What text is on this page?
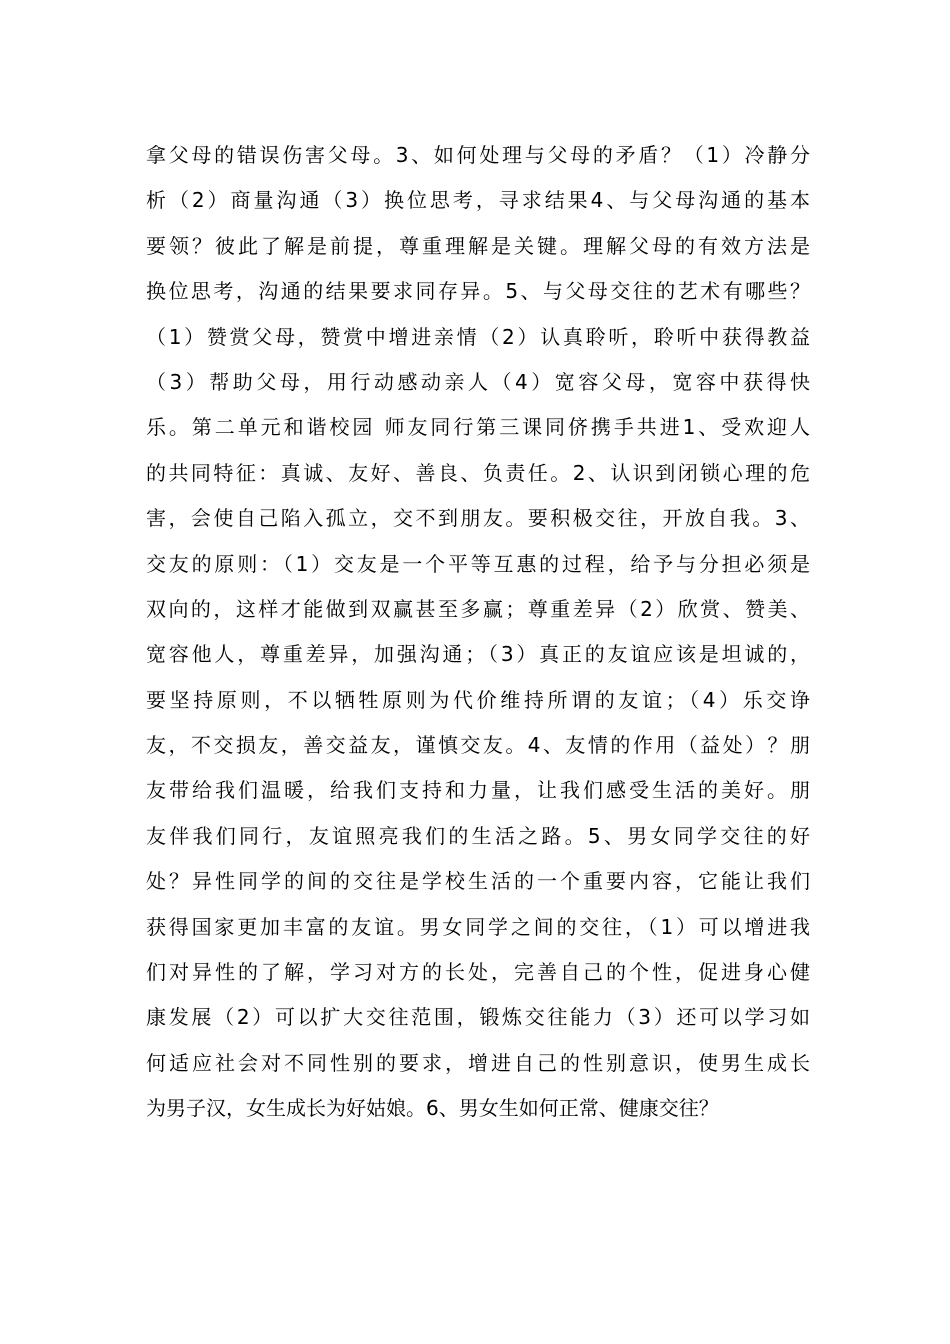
拿父母的错误伤害父母。3、如何处理与父母的矛盾？（1）冷静分
析（2）商量沟通（3）换位思考，寻求结果4、与父母沟通的基本
要领？彼此了解是前提，尊重理解是关键。理解父母的有效方法是
换位思考，沟通的结果要求同存异。5、与父母交往的艺术有哪些？
（1）赞赏父母，赞赏中增进亲情（2）认真聆听，聆听中获得教益
（3）帮助父母，用行动感动亲人（4）宽容父母，宽容中获得快
乐。第二单元和谐校园 师友同行第三课同侪携手共进1、受欢迎人
的共同特征：真诚、友好、善良、负责任。2、认识到闭锁心理的危
害，会使自己陷入孤立，交不到朋友。要积极交往，开放自我。3、
交友的原则：（1）交友是一个平等互惠的过程，给予与分担必须是
双向的，这样才能做到双赢甚至多赢；尊重差异（2）欣赏、赞美、
宽容他人，尊重差异，加强沟通；（3）真正的友谊应该是坦诚的，
要坚持原则，不以牺牲原则为代价维持所谓的友谊；（4）乐交诤
友，不交损友，善交益友，谨慎交友。4、友情的作用（益处）？朋
友带给我们温暖，给我们支持和力量，让我们感受生活的美好。朋
友伴我们同行，友谊照亮我们的生活之路。5、男女同学交往的好
处？异性同学的间的交往是学校生活的一个重要内容，它能让我们
获得国家更加丰富的友谊。男女同学之间的交往，（1）可以增进我
们对异性的了解，学习对方的长处，完善自己的个性，促进身心健
康发展（2）可以扩大交往范围，锻炼交往能力（3）还可以学习如
何适应社会对不同性别的要求，增进自己的性别意识，使男生成长
为男子汉，女生成长为好姑娘。6、男女生如何正常、健康交往？
